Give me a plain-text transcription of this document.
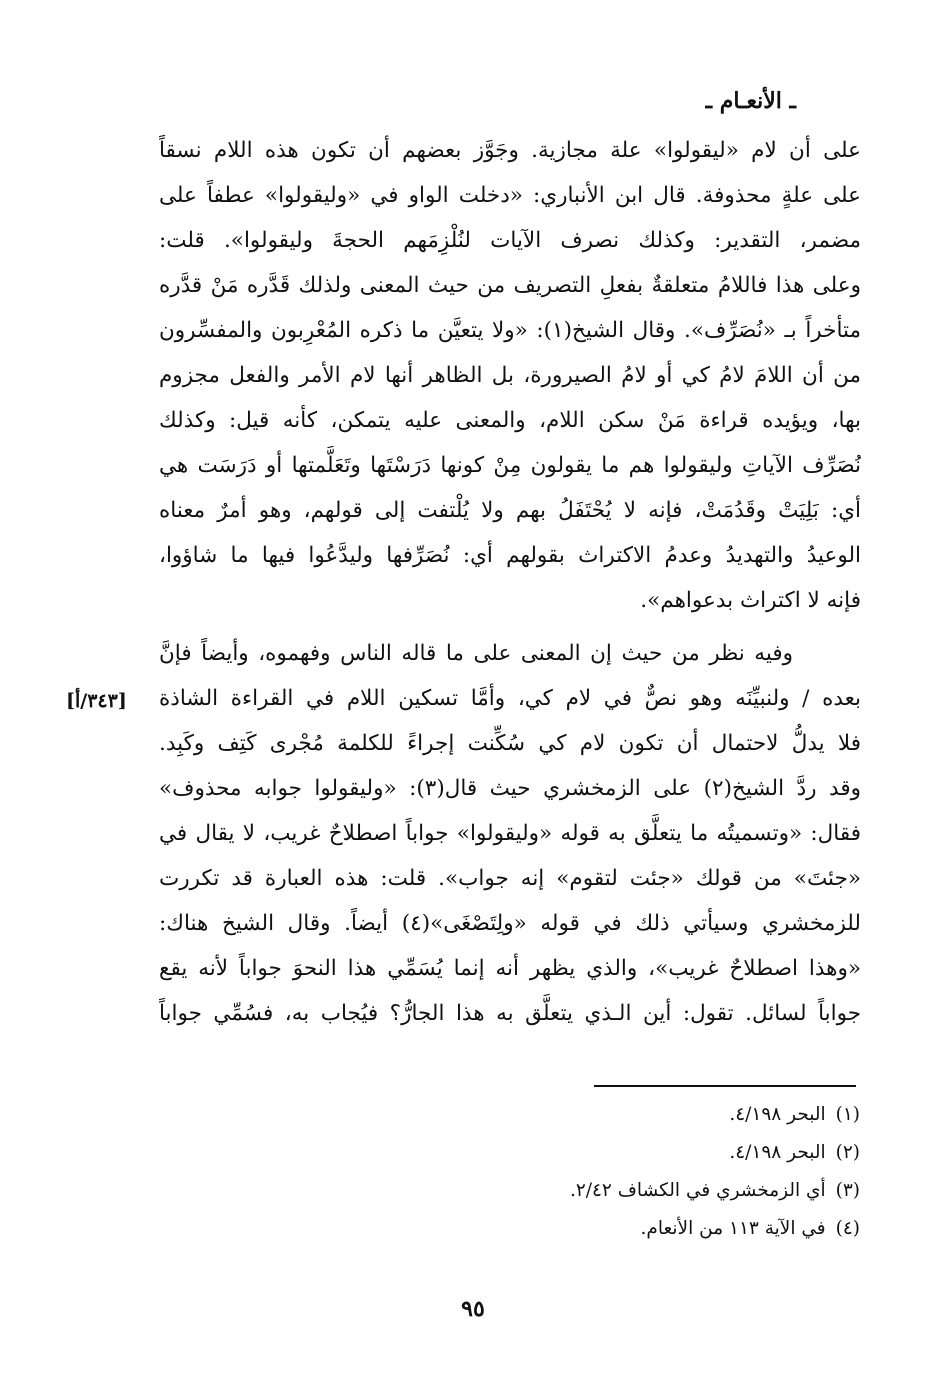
ـ الأنعـام ـ
على أن لام «ليقولوا» علة مجازية. وجَوَّز بعضهم أن تكون هذه اللام نسقاً
على علةٍ محذوفة. قال ابن الأنباري: «دخلت الواو في «وليقولوا» عطفاً على
مضمر، التقدير: وكذلك نصرف الآيات لنُلْزِمَهم الحجةَ وليقولوا». قلت:
وعلى هذا فاللامُ متعلقةٌ بفعلِ التصريف من حيث المعنى ولذلك قَدَّره مَنْ قدَّره
متأخراً بـ «نُصَرِّف». وقال الشيخ(١): «ولا يتعيَّن ما ذكره المُعْرِبون والمفسِّرون
من أن اللامَ لامُ كي أو لامُ الصيرورة، بل الظاهر أنها لام الأمر والفعل مجزوم
بها، ويؤيده قراءة مَنْ سكن اللام، والمعنى عليه يتمكن، كأنه قيل: وكذلك
نُصَرِّف الآياتِ وليقولوا هم ما يقولون مِنْ كونها دَرَسْتَها وتَعَلَّمتها أو دَرَسَت هي
أي: بَلِيَتْ وقَدُمَتْ، فإنه لا يُحْتَفَلُ بهم ولا يُلْتفت إلى قولهم، وهو أمرٌ معناه
الوعيدُ والتهديدُ وعدمُ الاكتراث بقولهم أي: نُصَرِّفها وليدَّعُوا فيها ما شاؤوا،
فإنه لا اكتراث بدعواهم».
وفيه نظر من حيث إن المعنى على ما قاله الناس وفهموه، وأيضاً فإنَّ
بعده / ولنبيِّنَه وهو نصٌّ في لام كي، وأمَّا تسكين اللام في القراءة الشاذة
فلا يدلُّ لاحتمال أن تكون لام كي سُكِّنت إجراءً للكلمة مُجْرى كَتِف وكَبِد.
وقد ردَّ الشيخ(٢) على الزمخشري حيث قال(٣): «وليقولوا جوابه محذوف»
فقال: «وتسميتُه ما يتعلَّق به قوله «وليقولوا» جواباً اصطلاحٌ غريب، لا يقال في
«جئتَ» من قولك «جئت لتقوم» إنه جواب». قلت: هذه العبارة قد تكررت
للزمخشري وسيأتي ذلك في قوله «ولِتَصْغَى»(٤) أيضاً. وقال الشيخ هناك:
«وهذا اصطلاحٌ غريب»، والذي يظهر أنه إنما يُسَمِّي هذا النحوَ جواباً لأنه يقع
جواباً لسائل. تقول: أين الـذي يتعلَّق به هذا الجارُّ؟ فيُجاب به، فسُمِّي جواباً
[٣٤٣/أ]
(١)البحر ٤/١٩٨.
(٢)البحر ٤/١٩٨.
(٣)أي الزمخشري في الكشاف ٢/٤٢.
(٤)في الآية ١١٣ من الأنعام.
٩٥
